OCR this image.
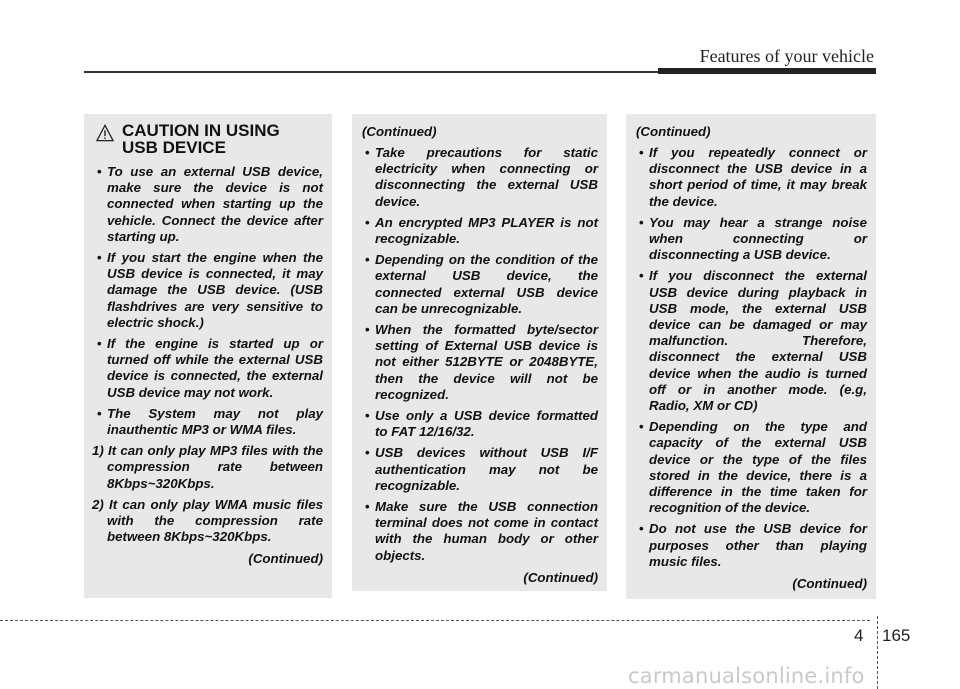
Features of your vehicle
CAUTION IN USING
USB DEVICE
• To use an external USB device, make sure the device is not connected when starting up the vehicle. Connect the device after starting up.
• If you start the engine when the USB device is connected, it may damage the USB device. (USB flashdrives are very sensitive to electric shock.)
• If the engine is started up or turned off while the external USB device is connected, the external USB device may not work.
• The System may not play inauthentic MP3 or WMA files.
1) It can only play MP3 files with the compression rate between 8Kbps~320Kbps.
2) It can only play WMA music files with the compression rate between 8Kbps~320Kbps.
(Continued)
(Continued)
• Take precautions for static electricity when connecting or disconnecting the external USB device.
• An encrypted MP3 PLAYER is not recognizable.
• Depending on the condition of the external USB device, the connected external USB device can be unrecognizable.
• When the formatted byte/sector setting of External USB device is not either 512BYTE or 2048BYTE, then the device will not be recognized.
• Use only a USB device formatted to FAT 12/16/32.
• USB devices without USB I/F authentication may not be recognizable.
• Make sure the USB connection terminal does not come in contact with the human body or other objects.
(Continued)
(Continued)
• If you repeatedly connect or disconnect the USB device in a short period of time, it may break the device.
• You may hear a strange noise when connecting or disconnecting a USB device.
• If you disconnect the external USB device during playback in USB mode, the external USB device can be damaged or may malfunction. Therefore, disconnect the external USB device when the audio is turned off or in another mode. (e.g, Radio, XM or CD)
• Depending on the type and capacity of the external USB device or the type of the files stored in the device, there is a difference in the time taken for recognition of the device.
• Do not use the USB device for purposes other than playing music files.
(Continued)
4 165
carmanualsonline.info
